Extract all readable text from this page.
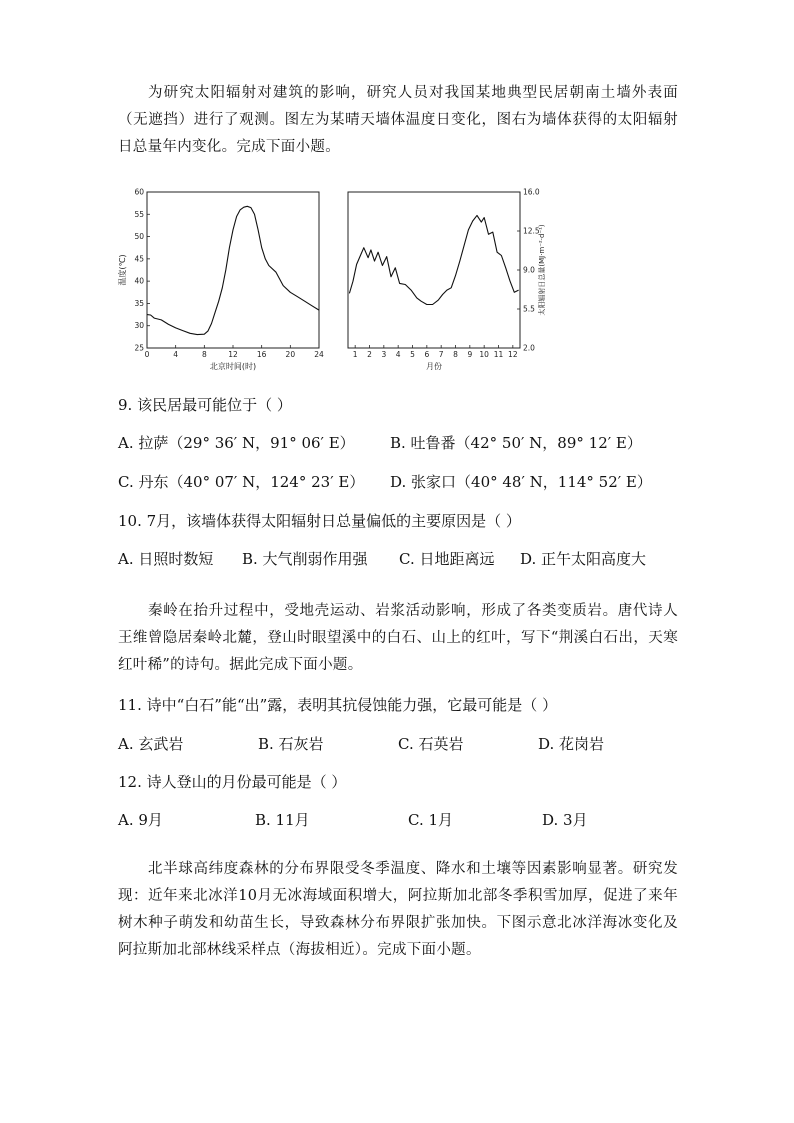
为研究太阳辐射对建筑的影响，研究人员对我国某地典型民居朝南土墙外表面（无遮挡）进行了观测。图左为某晴天墙体温度日变化，图右为墙体获得的太阳辐射日总量年内变化。完成下面小题。

0	4	8	12	16	20	24
25
30
35
40
45
50
55
60
北京时间(时)
温度(℃)
1 2 3 4 5 6 7 8 9 10 11 12
2.0
5.5
9.0
12.5
16.0
月份
太阳辐射日总量(MJ·m⁻²·d⁻¹)
9. 该民居最可能位于（ ）
A. 拉萨（29° 36′ N，91° 06′ E） B. 吐鲁番（42° 50′ N，89° 12′ E）
C. 丹东（40° 07′ N，124° 23′ E） D. 张家口（40° 48′ N，114° 52′ E）
10. 7月，该墙体获得太阳辐射日总量偏低的主要原因是（ ）
A. 日照时数短 B. 大气削弱作用强 C. 日地距离远 D. 正午太阳高度大

秦岭在抬升过程中，受地壳运动、岩浆活动影响，形成了各类变质岩。唐代诗人王维曾隐居秦岭北麓，登山时眼望溪中的白石、山上的红叶，写下“荆溪白石出，天寒红叶稀”的诗句。据此完成下面小题。

11. 诗中“白石”能“出”露，表明其抗侵蚀能力强，它最可能是（ ）
A. 玄武岩	B. 石灰岩	C. 石英岩	D. 花岗岩
12. 诗人登山的月份最可能是（ ）
A. 9月	B. 11月	C. 1月	D. 3月

北半球高纬度森林的分布界限受冬季温度、降水和土壤等因素影响显著。研究发现：近年来北冰洋10月无冰海域面积增大，阿拉斯加北部冬季积雪加厚，促进了来年树木种子萌发和幼苗生长，导致森林分布界限扩张加快。下图示意北冰洋海冰变化及阿拉斯加北部林线采样点（海拔相近）。完成下面小题。
